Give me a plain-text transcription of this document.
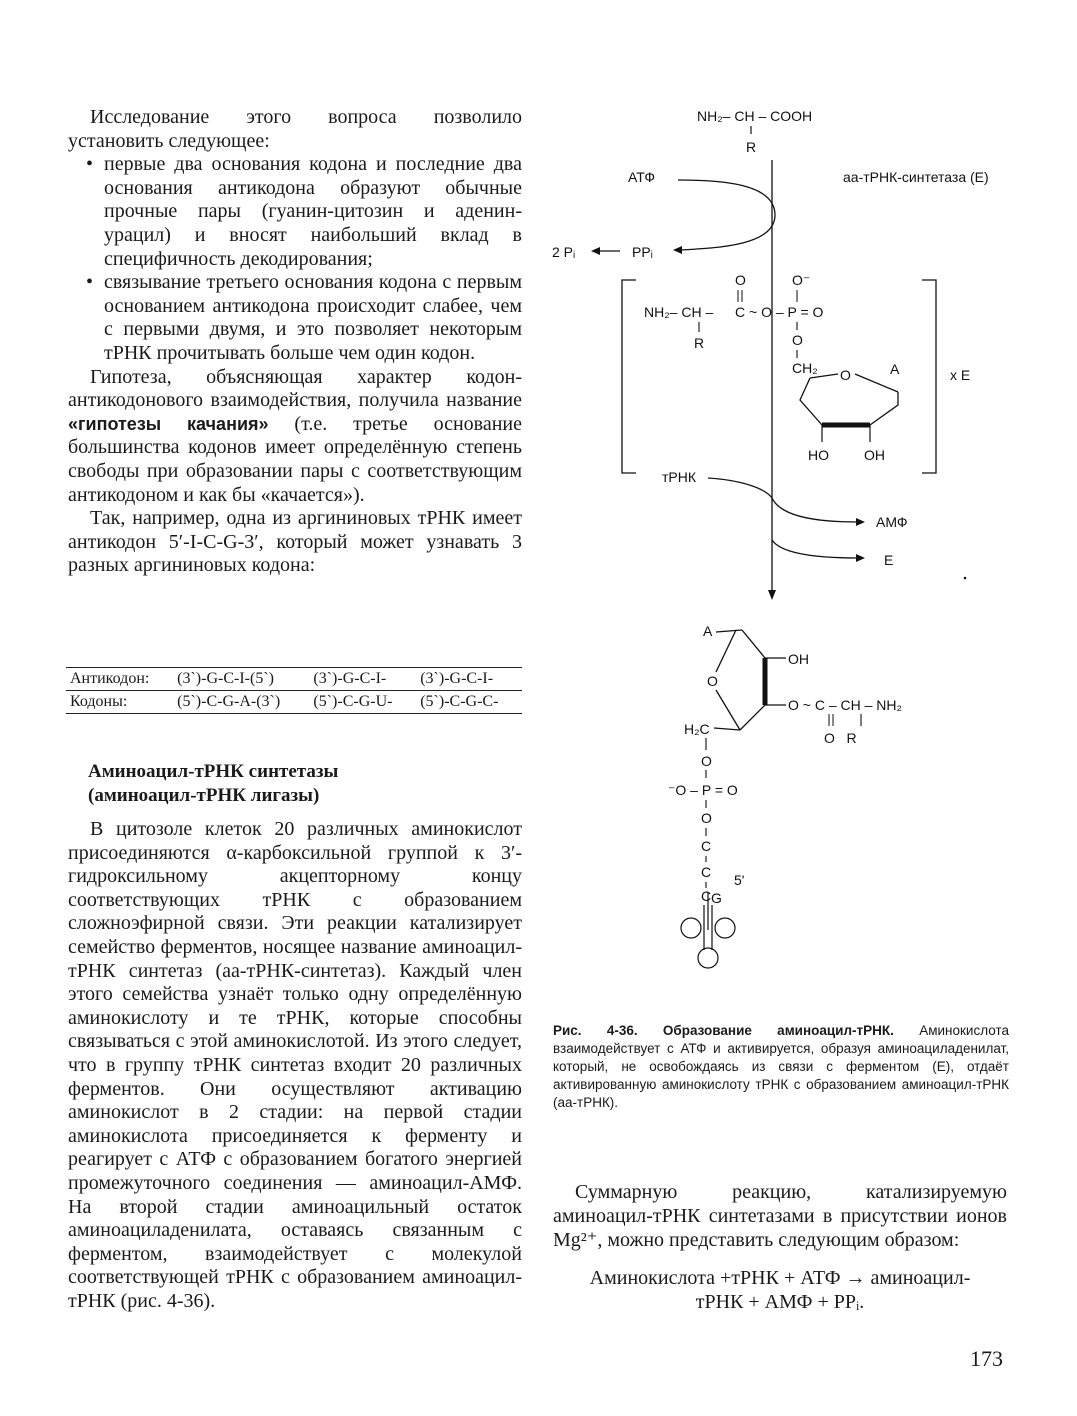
Исследование этого вопроса позволило установить следующее:

• первые два основания кодона и последние два основания антикодона образуют обычные прочные пары (гуанин-цитозин и аденин-урацил) и вносят наибольший вклад в специфичность декодирования;
• связывание третьего основания кодона с первым основанием антикодона происходит слабее, чем с первыми двумя, и это позволяет некоторым тРНК прочитывать больше чем один кодон.

Гипотеза, объясняющая характер кодон-антикодонового взаимодействия, получила название «гипотезы качания» (т.е. третье основание большинства кодонов имеет определённую степень свободы при образовании пары с соответствующим антикодоном и как бы «качается»).

Так, например, одна из аргининовых тРНК имеет антикодон 5′-I-C-G-3′, который может узнавать 3 разных аргининовых кодона:

Антикодон:	(3`)-G-C-I-(5`)	(3`)-G-C-I-	(3`)-G-C-I-
Кодоны:	(5`)-C-G-A-(3`)	(5`)-C-G-U-	(5`)-C-G-C-
Аминоацил-тРНК синтетазы
(аминоацил-тРНК лигазы)

В цитозоле клеток 20 различных аминокислот присоединяются α-карбоксильной группой к 3′-гидроксильному акцепторному концу соответствующих тРНК с образованием сложноэфирной связи. Эти реакции катализирует семейство ферментов, носящее название аминоацил-тРНК синтетаз (аа-тРНК-синтетаз). Каждый член этого семейства узнаёт только одну определённую аминокислоту и те тРНК, которые способны связываться с этой аминокислотой. Из этого следует, что в группу тРНК синтетаз входит 20 различных ферментов. Они осуществляют активацию аминокислот в 2 стадии: на первой стадии аминокислота присоединяется к ферменту и реагирует с АТФ с образованием богатого энергией промежуточного соединения — аминоацил-АМФ. На второй стадии аминоацильный остаток аминоациладенилата, оставаясь связанным с ферментом, взаимодействует с молекулой соответствующей тРНК с образованием аминоацил-тРНК (рис. 4-36).

NH₂– CH – COOH
R
АТФ	аа-тРНК-синтетаза (Е)
2 Pᵢ	PPᵢ
x E
O	O⁻
NH₂– CH – C ~ O – P = O
R	O
CH₂ O	A
HO	OH
тРНК
АМФ
E
A
O
OH
O ~ C – CH – NH₂
O   R
H₂C
O
⁻O – P = O
O
C
C 5'
C G
Рис. 4-36. Образование аминоацил-тРНК. Аминокислота взаимодействует с АТФ и активируется, образуя аминоациладенилат, который, не освобождаясь из связи с ферментом (Е), отдаёт активированную аминокислоту тРНК с образованием аминоацил-тРНК (аа-тРНК).

Суммарную реакцию, катализируемую аминоацил-тРНК синтетазами в присутствии ионов Mg²⁺, можно представить следующим образом:

Аминокислота +тРНК + АТФ → аминоацил-
тРНК + АМФ + PPᵢ.
173
